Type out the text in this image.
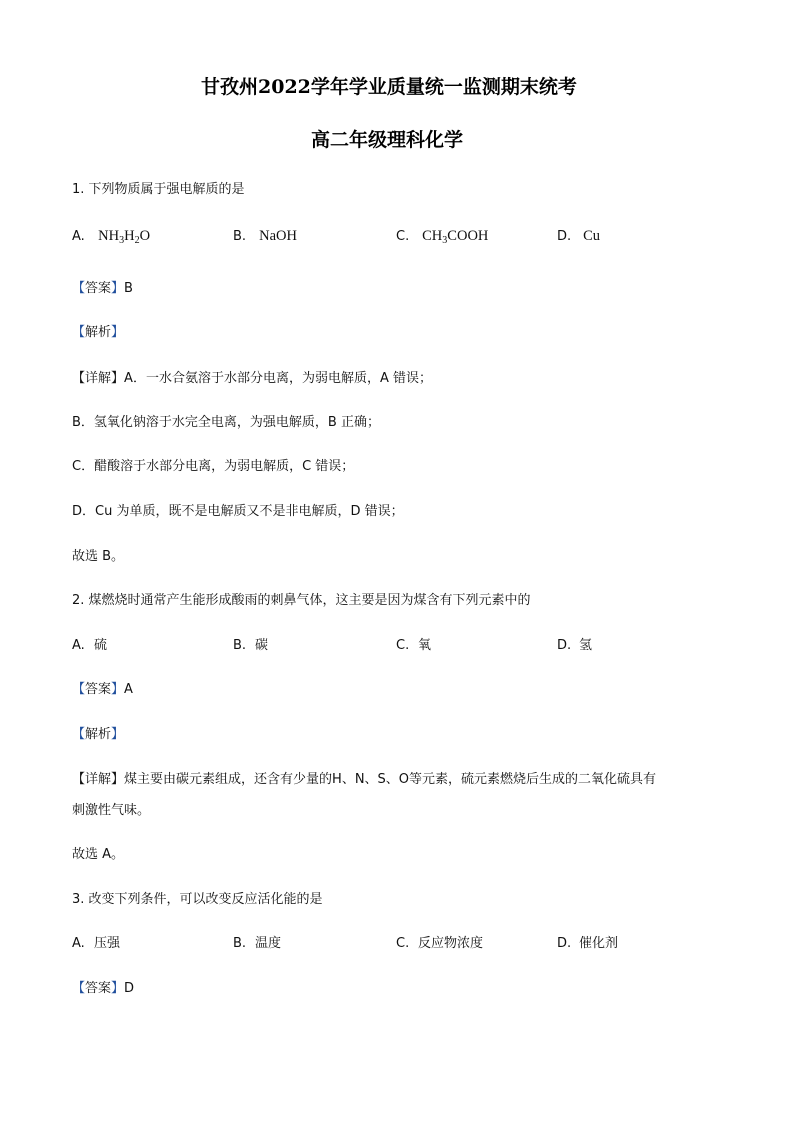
甘孜州2022学年学业质量统一监测期末统考
高二年级理科化学
1. 下列物质属于强电解质的是
A. $NH_3H_2O$	B. NaOH	C. $CH_3COOH$	D. Cu
【答案】B
【解析】
【详解】A．一水合氨溶于水部分电离，为弱电解质，A 错误；
B．氢氧化钠溶于水完全电离，为强电解质，B 正确；
C．醋酸溶于水部分电离，为弱电解质，C 错误；
D．Cu 为单质，既不是电解质又不是非电解质，D 错误；
故选 B。
2. 煤燃烧时通常产生能形成酸雨的刺鼻气体，这主要是因为煤含有下列元素中的
A. 硫	B. 碳	C. 氧	D. 氢
【答案】A
【解析】
【详解】煤主要由碳元素组成，还含有少量的H、N、S、O等元素，硫元素燃烧后生成的二氧化硫具有
刺激性气味。
故选 A。
3. 改变下列条件，可以改变反应活化能的是
A. 压强	B. 温度	C. 反应物浓度	D. 催化剂
【答案】D
